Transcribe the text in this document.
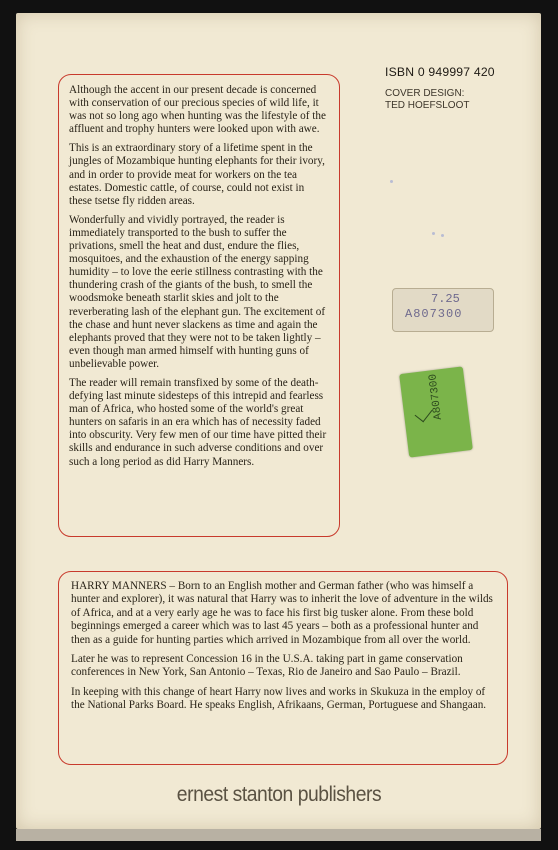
ISBN 0 949997 420
COVER DESIGN:
TED HOEFSLOOT

Although the accent in our present decade is concerned with conservation of our precious species of wild life, it was not so long ago when hunting was the lifestyle of the affluent and trophy hunters were looked upon with awe.

This is an extraordinary story of a lifetime spent in the jungles of Mozambique hunting elephants for their ivory, and in order to provide meat for workers on the tea estates. Domestic cattle, of course, could not exist in these tsetse fly ridden areas.

Wonderfully and vividly portrayed, the reader is immediately transported to the bush to suffer the privations, smell the heat and dust, endure the flies, mosquitoes, and the exhaustion of the energy sapping humidity – to love the eerie stillness contrasting with the thundering crash of the giants of the bush, to smell the woodsmoke beneath starlit skies and jolt to the reverberating lash of the elephant gun. The excitement of the chase and hunt never slackens as time and again the elephants proved that they were not to be taken lightly – even though man armed himself with hunting guns of unbelievable power.

The reader will remain transfixed by some of the death-defying last minute sidesteps of this intrepid and fearless man of Africa, who hosted some of the world's great hunters on safaris in an era which has of necessity faded into obscurity. Very few men of our time have pitted their skills and endurance in such adverse conditions and over such a long period as did Harry Manners.

7.25
A807300
A807300

HARRY MANNERS – Born to an English mother and German father (who was himself a hunter and explorer), it was natural that Harry was to inherit the love of adventure in the wilds of Africa, and at a very early age he was to face his first big tusker alone. From these bold beginnings emerged a career which was to last 45 years – both as a professional hunter and then as a guide for hunting parties which arrived in Mozambique from all over the world.

Later he was to represent Concession 16 in the U.S.A. taking part in game conservation conferences in New York, San Antonio – Texas, Rio de Janeiro and Sao Paulo – Brazil.

In keeping with this change of heart Harry now lives and works in Skukuza in the employ of the National Parks Board. He speaks English, Afrikaans, German, Portuguese and Shangaan.

ernest stanton publishers
